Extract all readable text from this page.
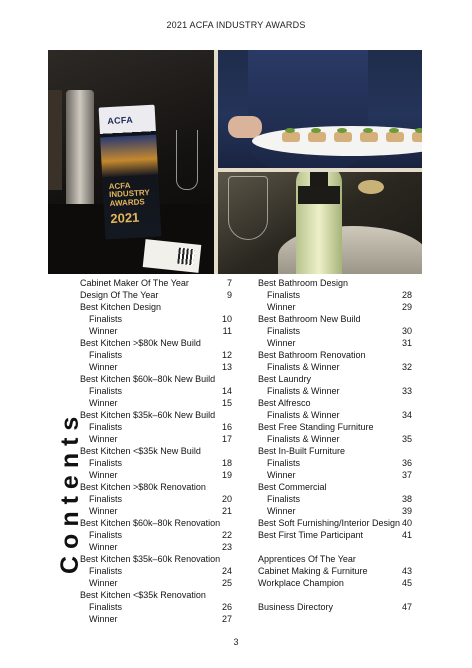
2021 ACFA INDUSTRY AWARDS
ACFA
ACFA INDUSTRY AWARDS
2021
Contents
Cabinet Maker Of The Year	7
Design Of The Year	9
Best Kitchen Design
Finalists	10
Winner	11
Best Kitchen >$80k New Build
Finalists	12
Winner	13
Best Kitchen $60k–80k New Build
Finalists	14
Winner	15
Best Kitchen $35k–60k New Build
Finalists	16
Winner	17
Best Kitchen <$35k New Build
Finalists	18
Winner	19
Best Kitchen >$80k Renovation
Finalists	20
Winner	21
Best Kitchen $60k–80k Renovation
Finalists	22
Winner	23
Best Kitchen $35k–60k Renovation
Finalists	24
Winner	25
Best Kitchen <$35k Renovation
Finalists	26
Winner	27
Best Bathroom Design
Finalists	28
Winner	29
Best Bathroom New Build
Finalists	30
Winner	31
Best Bathroom Renovation
Finalists & Winner	32
Best Laundry
Finalists & Winner	33
Best Alfresco
Finalists & Winner	34
Best Free Standing Furniture
Finalists & Winner	35
Best In-Built Furniture
Finalists	36
Winner	37
Best Commercial
Finalists	38
Winner	39
Best Soft Furnishing/Interior Design 40
Best First Time Participant	41
Apprentices Of The Year
Cabinet Making & Furniture	43
Workplace Champion	45
Business Directory	47
3
